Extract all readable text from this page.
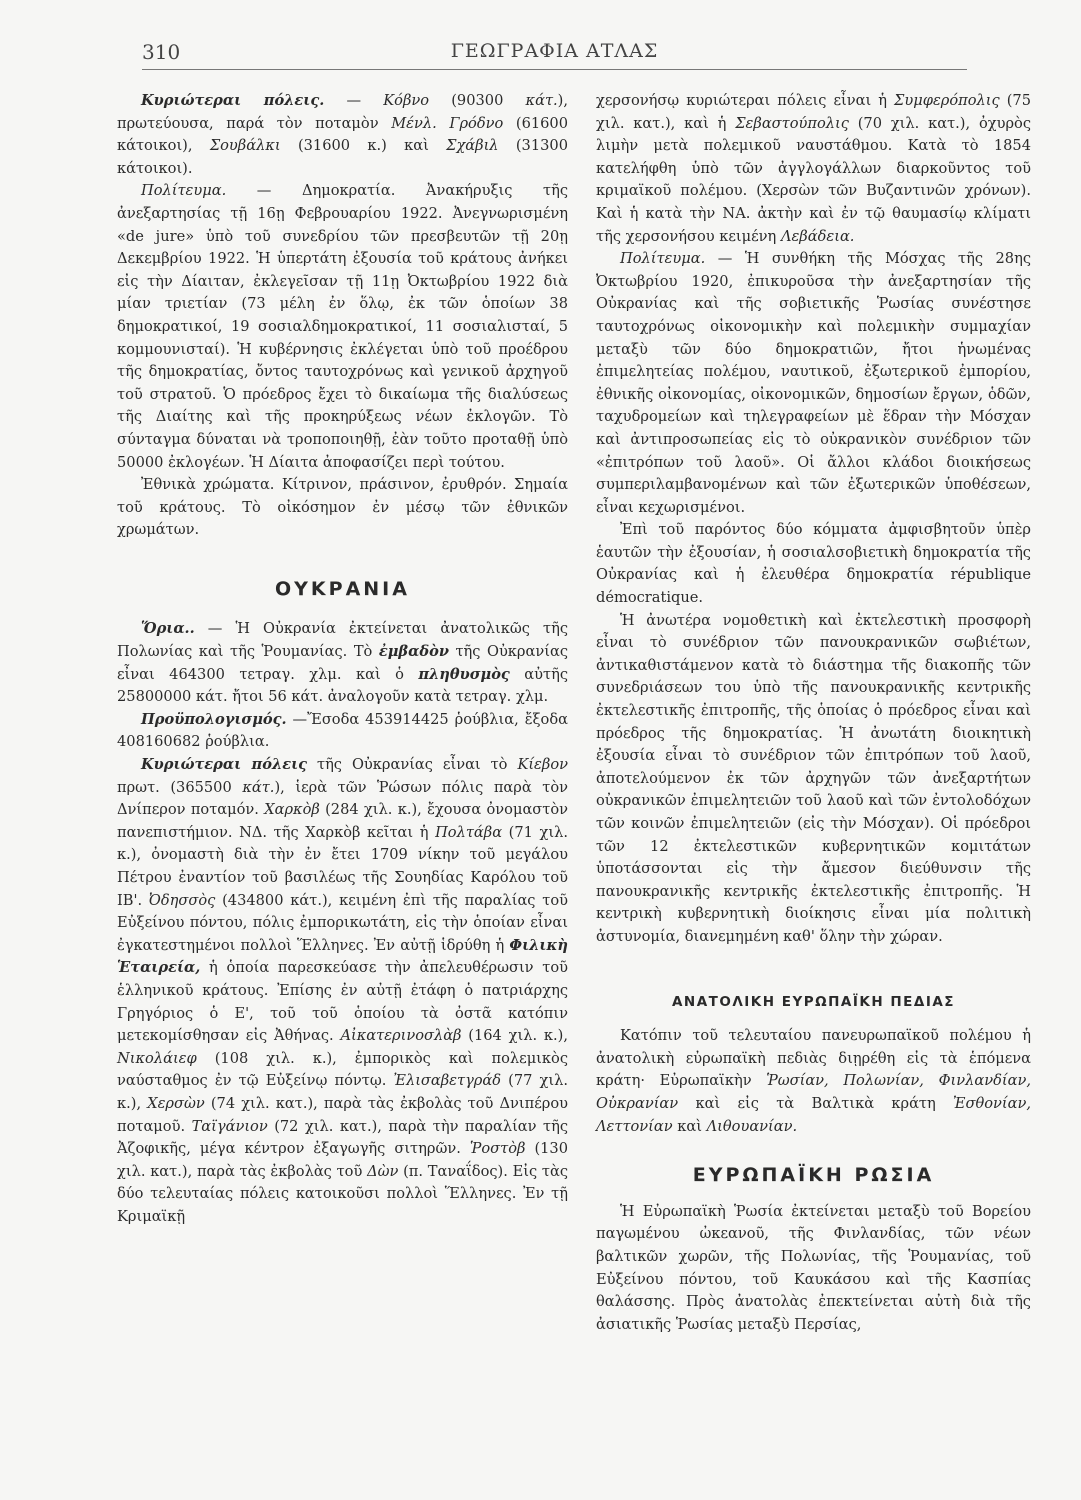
310	ΓΕΩΓΡΑΦΙΑ ΑΤΛΑΣ

Κυριώτεραι πόλεις. — Κόβνο (90300 κάτ.), πρωτεύουσα, παρά τὸν ποταμὸν Μένλ. Γρόδνο (61600 κάτοικοι), Σουβάλκι (31600 κ.) καὶ Σχάβιλ (31300 κάτοικοι).

Πολίτευμα. — Δημοκρατία. Ἀνακήρυξις τῆς ἀνεξαρτησίας τῇ 16ῃ Φεβρουαρίου 1922. Ἀνεγνωρισμένη «de jure» ὑπὸ τοῦ συνεδρίου τῶν πρεσβευτῶν τῇ 20ῃ Δεκεμβρίου 1922. Ἡ ὑπερτάτη ἐξουσία τοῦ κράτους ἀνήκει εἰς τὴν Δίαιταν, ἐκλεγεῖσαν τῇ 11ῃ Ὀκτωβρίου 1922 διὰ μίαν τριετίαν (73 μέλη ἐν ὅλῳ, ἐκ τῶν ὁποίων 38 δημοκρατικοί, 19 σοσιαλδημοκρατικοί, 11 σοσιαλισταί, 5 κομμουνισταί). Ἡ κυβέρνησις ἐκλέγεται ὑπὸ τοῦ προέδρου τῆς δημοκρατίας, ὄντος ταυτοχρόνως καὶ γενικοῦ ἀρχηγοῦ τοῦ στρατοῦ. Ὁ πρόεδρος ἔχει τὸ δικαίωμα τῆς διαλύσεως τῆς Διαίτης καὶ τῆς προκηρύξεως νέων ἐκλογῶν. Τὸ σύνταγμα δύναται νὰ τροποποιηθῇ, ἐὰν τοῦτο προταθῇ ὑπὸ 50000 ἐκλογέων. Ἡ Δίαιτα ἀποφασίζει περὶ τούτου.

Ἐθνικὰ χρώματα. Κίτρινον, πράσινον, ἐρυθρόν. Σημαία τοῦ κράτους. Τὸ οἰκόσημον ἐν μέσῳ τῶν ἐθνικῶν χρωμάτων.

ΟΥΚΡΑΝΙΑ

Ὅρια.. — Ἡ Οὐκρανία ἐκτείνεται ἀνατολικῶς τῆς Πολωνίας καὶ τῆς Ῥουμανίας. Τὸ ἐμβαδὸν τῆς Οὐκρανίας εἶναι 464300 τετραγ. χλμ. καὶ ὁ πληθυσμὸς αὐτῆς 25800000 κάτ. ἤτοι 56 κάτ. ἀναλογοῦν κατὰ τετραγ. χλμ.

Προϋπολογισμός. —Ἔσοδα 453914425 ῥούβλια, ἔξοδα 408160682 ῥούβλια.

Κυριώτεραι πόλεις τῆς Οὐκρανίας εἶναι τὸ Κίεβον πρωτ. (365500 κάτ.), ἱερὰ τῶν Ῥώσων πόλις παρὰ τὸν Δνίπερον ποταμόν. Χαρκὸβ (284 χιλ. κ.), ἔχουσα ὀνομαστὸν πανεπιστήμιον. ΝΔ. τῆς Χαρκὸβ κεῖται ἡ Πολτάβα (71 χιλ. κ.), ὀνομαστὴ διὰ τὴν ἐν ἔτει 1709 νίκην τοῦ μεγάλου Πέτρου ἐναντίον τοῦ βασιλέως τῆς Σουηδίας Καρόλου τοῦ ΙΒ'. Ὀδησσὸς (434800 κάτ.), κειμένη ἐπὶ τῆς παραλίας τοῦ Εὐξείνου πόντου, πόλις ἐμπορικωτάτη, εἰς τὴν ὁποίαν εἶναι ἐγκατεστημένοι πολλοὶ Ἕλληνες. Ἐν αὐτῇ ἱδρύθη ἡ Φιλικὴ Ἑταιρεία, ἡ ὁποία παρεσκεύασε τὴν ἀπελευθέρωσιν τοῦ ἑλληνικοῦ κράτους. Ἐπίσης ἐν αὐτῇ ἐτάφη ὁ πατριάρχης Γρηγόριος ὁ Ε', τοῦ τοῦ ὁποίου τὰ ὀστᾶ κατόπιν μετεκομίσθησαν εἰς Ἀθήνας. Αἰκατερινοσλὰβ (164 χιλ. κ.), Νικολάιεφ (108 χιλ. κ.), ἐμπορικὸς καὶ πολεμικὸς ναύσταθμος ἐν τῷ Εὐξείνῳ πόντῳ. Ἐλισαβετγράδ (77 χιλ. κ.), Χερσὼν (74 χιλ. κατ.), παρὰ τὰς ἐκβολὰς τοῦ Δνιπέρου ποταμοῦ. Ταϊγάνιον (72 χιλ. κατ.), παρὰ τὴν παραλίαν τῆς Ἀζοφικῆς, μέγα κέντρον ἐξαγωγῆς σιτηρῶν. Ῥοστὸβ (130 χιλ. κατ.), παρὰ τὰς ἐκβολὰς τοῦ Δὼν (π. Ταναΐδος). Εἰς τὰς δύο τελευταίας πόλεις κατοικοῦσι πολλοὶ Ἕλληνες. Ἐν τῇ Κριμαϊκῇ

χερσονήσῳ κυριώτεραι πόλεις εἶναι ἡ Συμφερόπολις (75 χιλ. κατ.), καὶ ἡ Σεβαστούπολις (70 χιλ. κατ.), ὀχυρὸς λιμὴν μετὰ πολεμικοῦ ναυστάθμου. Κατὰ τὸ 1854 κατελήφθη ὑπὸ τῶν ἀγγλογάλλων διαρκοῦντος τοῦ κριμαϊκοῦ πολέμου. (Χερσὼν τῶν Βυζαντινῶν χρόνων). Καὶ ἡ κατὰ τὴν ΝΑ. ἀκτὴν καὶ ἐν τῷ θαυμασίῳ κλίματι τῆς χερσονήσου κειμένη Λεβάδεια.

Πολίτευμα. — Ἡ συνθήκη τῆς Μόσχας τῆς 28ης Ὀκτωβρίου 1920, ἐπικυροῦσα τὴν ἀνεξαρτησίαν τῆς Οὐκρανίας καὶ τῆς σοβιετικῆς Ῥωσίας συνέστησε ταυτοχρόνως οἰκονομικὴν καὶ πολεμικὴν συμμαχίαν μεταξὺ τῶν δύο δημοκρατιῶν, ἤτοι ἡνωμένας ἐπιμελητείας πολέμου, ναυτικοῦ, ἐξωτερικοῦ ἐμπορίου, ἐθνικῆς οἰκονομίας, οἰκονομικῶν, δημοσίων ἔργων, ὁδῶν, ταχυδρομείων καὶ τηλεγραφείων μὲ ἕδραν τὴν Μόσχαν καὶ ἀντιπροσωπείας εἰς τὸ οὐκρανικὸν συνέδριον τῶν «ἐπιτρόπων τοῦ λαοῦ». Οἱ ἄλλοι κλάδοι διοικήσεως συμπεριλαμβανομένων καὶ τῶν ἐξωτερικῶν ὑποθέσεων, εἶναι κεχωρισμένοι.

Ἐπὶ τοῦ παρόντος δύο κόμματα ἀμφισβητοῦν ὑπὲρ ἑαυτῶν τὴν ἐξουσίαν, ἡ σοσιαλσοβιετικὴ δημοκρατία τῆς Οὐκρανίας καὶ ἡ ἐλευθέρα δημοκρατία république démocratique.

Ἡ ἀνωτέρα νομοθετικὴ καὶ ἐκτελεστικὴ προσφορὴ εἶναι τὸ συνέδριον τῶν πανουκρανικῶν σωβιέτων, ἀντικαθιστάμενον κατὰ τὸ διάστημα τῆς διακοπῆς τῶν συνεδριάσεων του ὑπὸ τῆς πανουκρανικῆς κεντρικῆς ἐκτελεστικῆς ἐπιτροπῆς, τῆς ὁποίας ὁ πρόεδρος εἶναι καὶ πρόεδρος τῆς δημοκρατίας. Ἡ ἀνωτάτη διοικητικὴ ἐξουσία εἶναι τὸ συνέδριον τῶν ἐπιτρόπων τοῦ λαοῦ, ἀποτελούμενον ἐκ τῶν ἀρχηγῶν τῶν ἀνεξαρτήτων οὐκρανικῶν ἐπιμελητειῶν τοῦ λαοῦ καὶ τῶν ἐντολοδόχων τῶν κοινῶν ἐπιμελητειῶν (εἰς τὴν Μόσχαν). Οἱ πρόεδροι τῶν 12 ἐκτελεστικῶν κυβερνητικῶν κομιτάτων ὑποτάσσονται εἰς τὴν ἄμεσον διεύθυνσιν τῆς πανουκρανικῆς κεντρικῆς ἐκτελεστικῆς ἐπιτροπῆς. Ἡ κεντρικὴ κυβερνητικὴ διοίκησις εἶναι μία πολιτικὴ ἀστυνομία, διανεμημένη καθ' ὅλην τὴν χώραν.

ΑΝΑΤΟΛΙΚΗ ΕΥΡΩΠΑΪΚΗ ΠΕΔΙΑΣ

Κατόπιν τοῦ τελευταίου πανευρωπαϊκοῦ πολέμου ἡ ἀνατολικὴ εὐρωπαϊκὴ πεδιὰς διῃρέθη εἰς τὰ ἑπόμενα κράτη· Εὐρωπαϊκὴν Ῥωσίαν, Πολωνίαν, Φινλανδίαν, Οὐκρανίαν καὶ εἰς τὰ Βαλτικὰ κράτη Ἐσθονίαν, Λεττονίαν καὶ Λιθουανίαν.

ΕΥΡΩΠΑΪΚΗ ΡΩΣΙΑ

Ἡ Εὐρωπαϊκὴ Ῥωσία ἐκτείνεται μεταξὺ τοῦ Βορείου παγωμένου ὠκεανοῦ, τῆς Φινλανδίας, τῶν νέων βαλτικῶν χωρῶν, τῆς Πολωνίας, τῆς Ῥουμανίας, τοῦ Εὐξείνου πόντου, τοῦ Καυκάσου καὶ τῆς Κασπίας θαλάσσης. Πρὸς ἀνατολὰς ἐπεκτείνεται αὐτὴ διὰ τῆς ἀσιατικῆς Ῥωσίας μεταξὺ Περσίας,
